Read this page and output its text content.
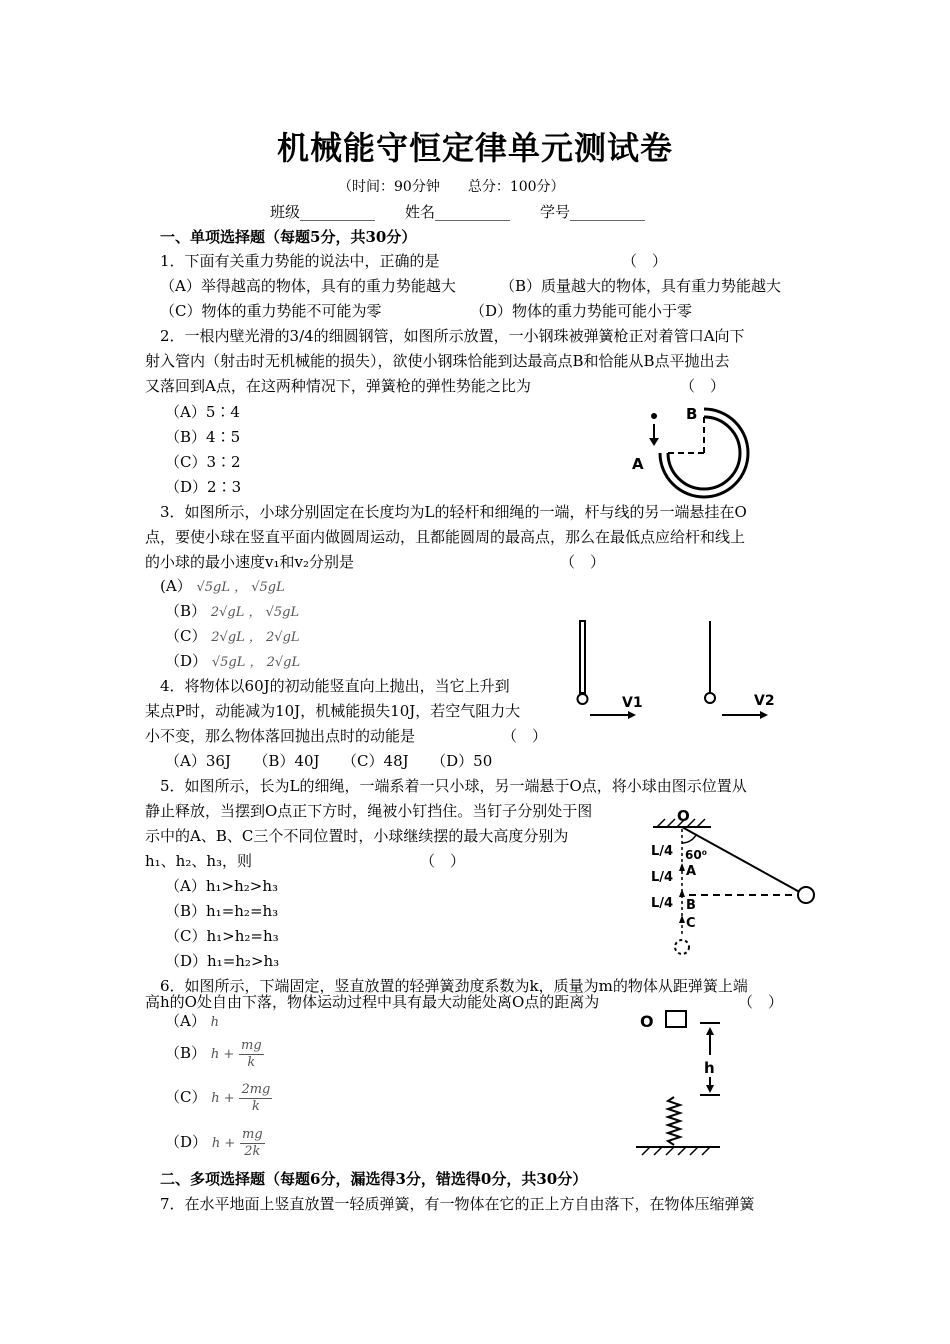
机械能守恒定律单元测试卷
（时间：90分钟　　总分：100分）
班级__________　　姓名__________　　学号__________
一、单项选择题（每题5分，共30分）
1．下面有关重力势能的说法中，正确的是	（　）
（A）举得越高的物体，具有的重力势能越大	（B）质量越大的物体，具有重力势能越大
（C）物体的重力势能不可能为零	（D）物体的重力势能可能小于零
2．一根内壁光滑的3/4的细圆钢管，如图所示放置，一小钢珠被弹簧枪正对着管口A向下
射入管内（射击时无机械能的损失），欲使小钢珠恰能到达最高点B和恰能从B点平抛出去
又落回到A点，在这两种情况下，弹簧枪的弹性势能之比为	（　）
（A）5∶4
（B）4∶5
（C）3∶2
（D）2∶3
B
A
3．如图所示，小球分别固定在长度均为L的轻杆和细绳的一端，杆与线的另一端悬挂在O
点，要使小球在竖直平面内做圆周运动，且都能圆周的最高点，那么在最低点应给杆和线上
的小球的最小速度v₁和v₂分别是	（　）
(A） √5gL ， √5gL
（B） 2√gL ， √5gL
（C） 2√gL ， 2√gL
（D） √5gL ， 2√gL
V1	V2
4．将物体以60J的初动能竖直向上抛出，当它上升到
某点P时，动能减为10J，机械能损失10J，若空气阻力大
小不变，那么物体落回抛出点时的动能是	（　）
（A）36J　　（B）40J　　（C）48J　　（D）50
5．如图所示，长为L的细绳，一端系着一只小球，另一端悬于O点，将小球由图示位置从
静止释放，当摆到O点正下方时，绳被小钉挡住。当钉子分别处于图
示中的A、B、C三个不同位置时，小球继续摆的最大高度分别为
h₁、h₂、h₃，则	（　）
（A）h₁>h₂>h₃
（B）h₁=h₂=h₃
（C）h₁>h₂=h₃
（D）h₁=h₂>h₃
O
60⁰
L/4
L/4
L/4
A
B
C
6．如图所示，下端固定，竖直放置的轻弹簧劲度系数为k，质量为m的物体从距弹簧上端
高h的O处自由下落，物体运动过程中具有最大动能处离O点的距离为	（　）
（A） h
（B） $h + \frac{mg}{k}$
（C） $h + \frac{2mg}{k}$
（D） $h + \frac{mg}{2k}$
O
h
二、多项选择题（每题6分，漏选得3分，错选得0分，共30分）
7．在水平地面上竖直放置一轻质弹簧，有一物体在它的正上方自由落下，在物体压缩弹簧
